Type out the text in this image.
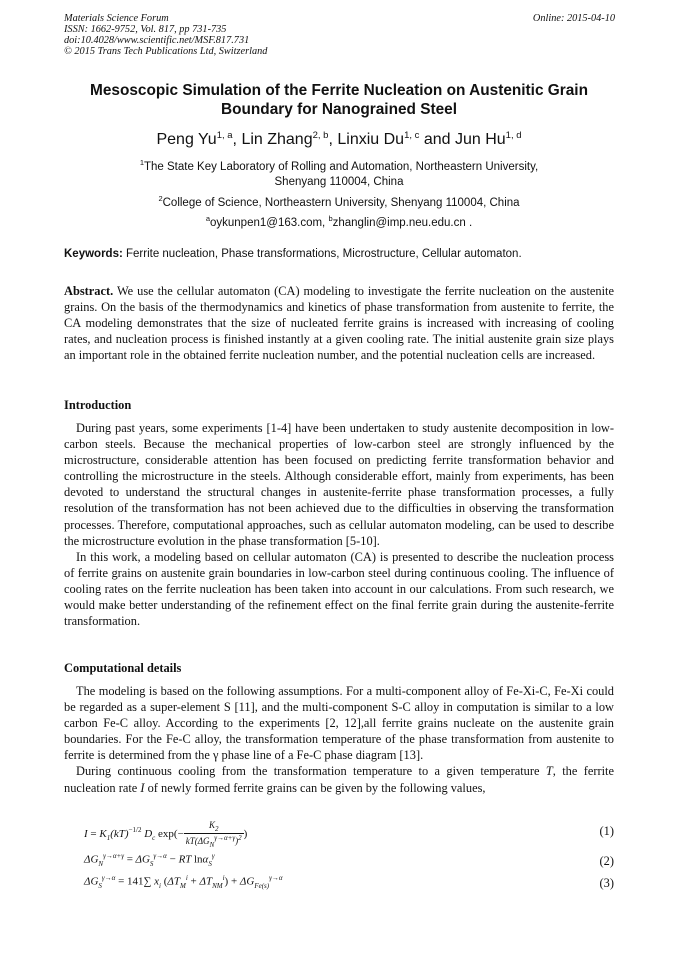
Materials Science Forum
ISSN: 1662-9752, Vol. 817, pp 731-735
doi:10.4028/www.scientific.net/MSF.817.731
© 2015 Trans Tech Publications Ltd, Switzerland
Online: 2015-04-10
Mesoscopic Simulation of the Ferrite Nucleation on Austenitic Grain
Boundary for Nanograined Steel
Peng Yu$^{1, a}$, Lin Zhang$^{2, b}$, Linxiu Du$^{1, c}$ and Jun Hu$^{1, d}$
$^1$The State Key Laboratory of Rolling and Automation, Northeastern University,
Shenyang 110004, China
$^2$College of Science, Northeastern University, Shenyang 110004, China
$^a$oykunpen1@163.com, $^b$zhanglin@imp.neu.edu.cn .
Keywords: Ferrite nucleation, Phase transformations, Microstructure, Cellular automaton.

Abstract. We use the cellular automaton (CA) modeling to investigate the ferrite nucleation on the austenite grains. On the basis of the thermodynamics and kinetics of phase transformation from austenite to ferrite, the CA modeling demonstrates that the size of nucleated ferrite grains is increased with increasing of cooling rates, and nucleation process is finished instantly at a given cooling rate. The initial austenite grain size plays an important role in the obtained ferrite nucleation number, and the potential nucleation cells are increased.

Introduction

During past years, some experiments [1-4] have been undertaken to study austenite decomposition in low-carbon steels. Because the mechanical properties of low-carbon steel are strongly influenced by the microstructure, considerable attention has been focused on predicting ferrite transformation behavior and controlling the microstructure in the steels. Although considerable effort, mainly from experiments, has been devoted to understand the structural changes in austenite-ferrite phase transformation processes, a fully resolution of the transformation has not been achieved due to the difficulties in observing the transformation processes. Therefore, computational approaches, such as cellular automaton modeling, can be used to describe the microstructure evolution in the phase transformation [5-10].

In this work, a modeling based on cellular automaton (CA) is presented to describe the nucleation process of ferrite grains on austenite grain boundaries in low-carbon steel during continuous cooling. The influence of cooling rates on the ferrite nucleation has been taken into account in our calculations. From such research, we would make better understanding of the refinement effect on the final ferrite grain during the austenite-ferrite transformation.

Computational details

The modeling is based on the following assumptions. For a multi-component alloy of Fe-Xi-C, Fe-Xi could be regarded as a super-element S [11], and the multi-component S-C alloy in computation is similar to a low carbon Fe-C alloy. According to the experiments [2, 12],all ferrite grains nucleate on the austenite grain boundaries. For the Fe-C alloy, the transformation temperature of the phase transformation from austenite to ferrite is determined from the γ phase line of a Fe-C phase diagram [13].

During continuous cooling from the transformation temperature to a given temperature T, the ferrite nucleation rate I of newly formed ferrite grains can be given by the following values,

$I = K_1(kT)^{-1/2}$ $D_c$ $\exp(- \frac{K_2}{kT(\Delta G_N^{\gamma\to\alpha+\gamma})^2}$ )	(1)
$\Delta G_N^{\gamma\to\alpha+\gamma} = \Delta G_S^{\gamma\to\alpha}$ − RT lnα$_S^\gamma$	(2)
$\Delta G_S^{\gamma\to\alpha} = 141\sum$ $x_i$ $(\Delta T_M^i + \Delta T_{NM}^i) + \Delta G_{Fe(s)}^{\gamma\to\alpha}$	(3)
